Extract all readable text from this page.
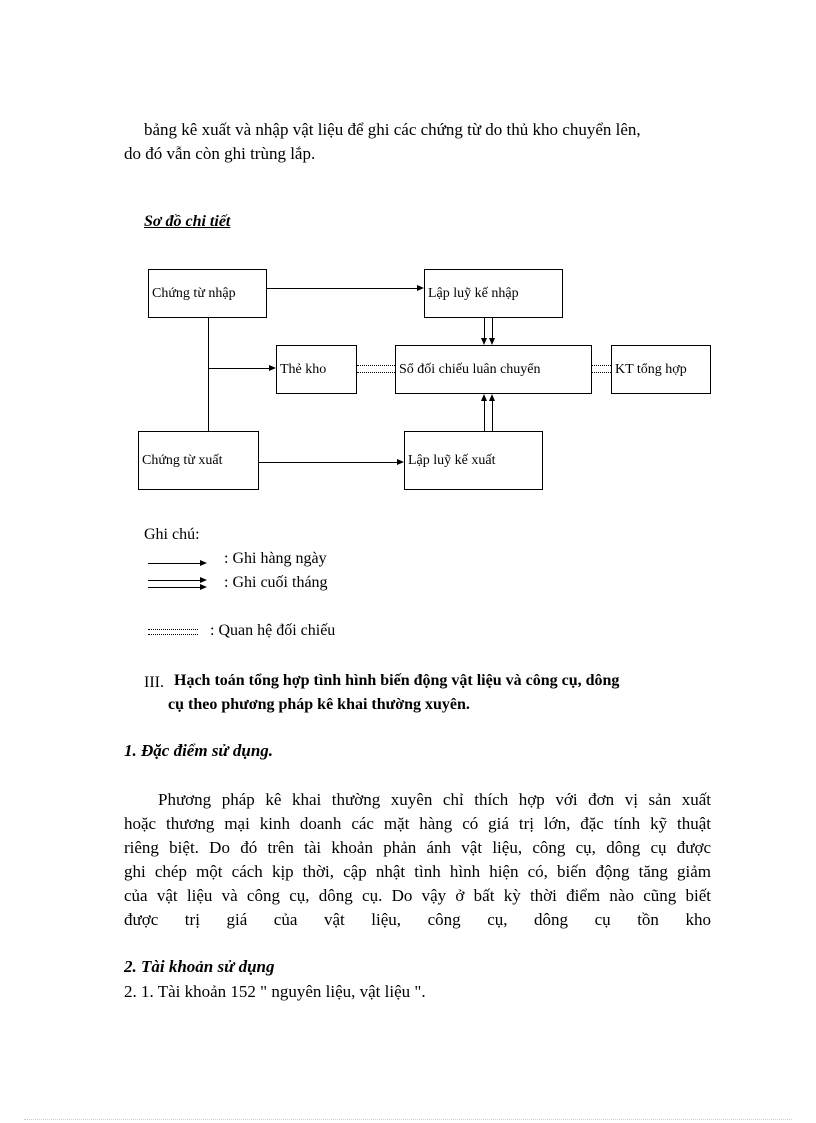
bảng kê xuất và nhập vật liệu để ghi các chứng từ do thủ kho chuyển lên,
do đó vẫn còn ghi trùng lắp.
Sơ đồ chi tiết
Chứng từ nhập	Lập luỹ kế nhập
Thẻ kho	Sổ đối chiếu luân chuyển	KT tổng hợp
Chứng từ xuất	Lập luỹ kế xuất
Ghi chú:
: Ghi hàng ngày
: Ghi cuối tháng
: Quan hệ đối chiếu
III. Hạch toán tổng hợp tình hình biến động vật liệu và công cụ, dông
cụ theo phương pháp kê khai thường xuyên.
1. Đặc điểm sử dụng.
Phương pháp kê khai thường xuyên chỉ thích hợp với đơn vị sản xuất
hoặc thương mại kinh doanh các mặt hàng có giá trị lớn, đặc tính kỹ thuật
riêng biệt. Do đó trên tài khoản phản ánh vật liệu, công cụ, dông cụ được
ghi chép một cách kịp thời, cập nhật tình hình hiện có, biến động tăng giảm
của vật liệu và công cụ, dông cụ. Do vậy ở bất kỳ thời điểm nào cũng biết
được trị giá của vật liệu, công cụ, dông cụ tồn kho
2. Tài khoản sử dụng
2. 1. Tài khoản 152 " nguyên liệu, vật liệu ".
